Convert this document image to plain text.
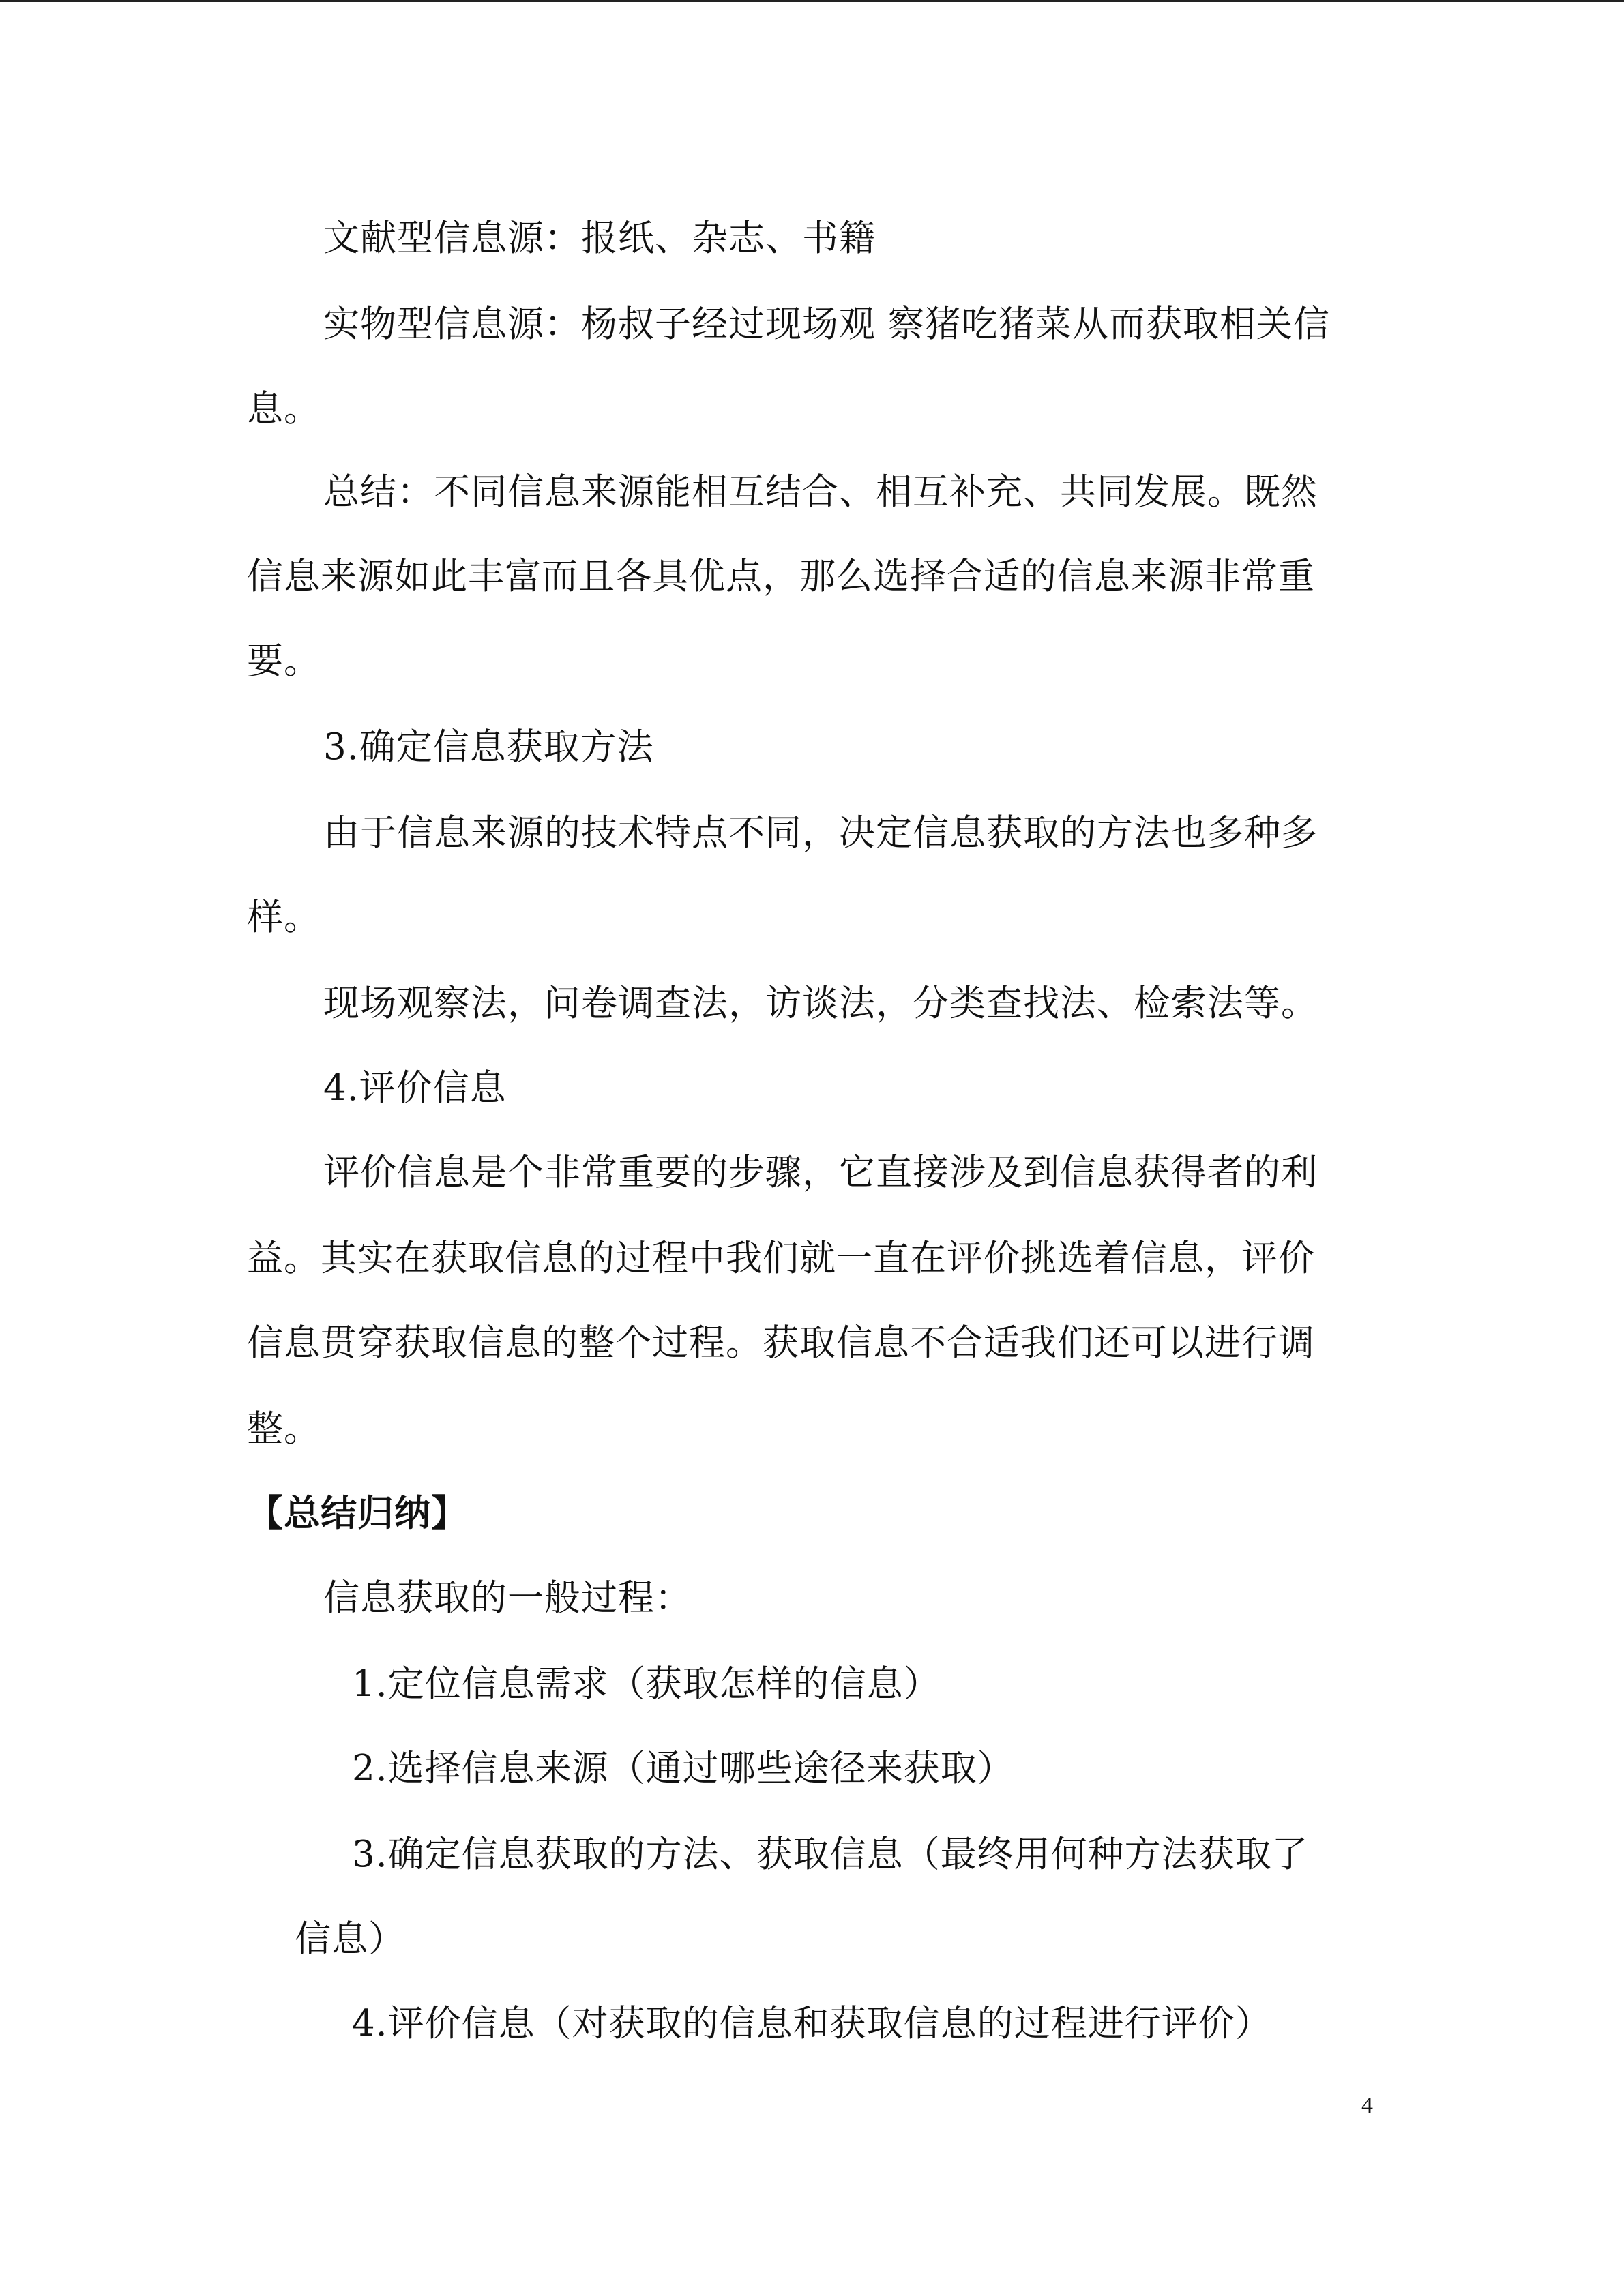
文献型信息源：报纸、杂志、书籍
实物型信息源：杨叔子经过现场观 察猪吃猪菜从而获取相关信
息。
总结：不同信息来源能相互结合、相互补充、共同发展。既然
信息来源如此丰富而且各具优点，那么选择合适的信息来源非常重
要。
3.确定信息获取方法
由于信息来源的技术特点不同，决定信息获取的方法也多种多
样。
现场观察法，问卷调查法，访谈法，分类查找法、检索法等。
4.评价信息
评价信息是个非常重要的步骤，它直接涉及到信息获得者的利
益。其实在获取信息的过程中我们就一直在评价挑选着信息，评价
信息贯穿获取信息的整个过程。获取信息不合适我们还可以进行调
整。
【总结归纳】
信息获取的一般过程：
1.定位信息需求（获取怎样的信息）
2.选择信息来源（通过哪些途径来获取）
3.确定信息获取的方法、获取信息（最终用何种方法获取了
信息）
4.评价信息（对获取的信息和获取信息的过程进行评价）
4
